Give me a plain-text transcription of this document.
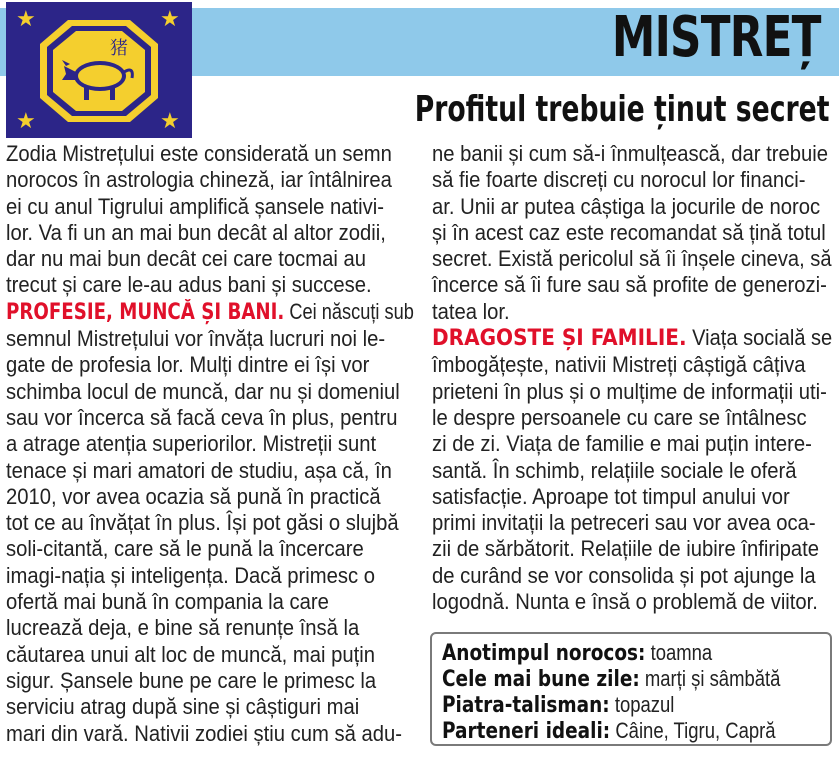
猪
★	★
★	★
MISTREȚ
Profitul trebuie ținut secret
Zodia Mistrețului este considerată un semn
norocos în astrologia chineză, iar întâlnirea
ei cu anul Tigrului amplifică șansele nativi-
lor. Va fi un an mai bun decât al altor zodii,
dar nu mai bun decât cei care tocmai au
trecut și care le-au adus bani și succese.
PROFESIE, MUNCĂ ȘI BANI. Cei născuți sub
semnul Mistrețului vor învăța lucruri noi le-
gate de profesia lor. Mulți dintre ei își vor
schimba locul de muncă, dar nu și domeniul
sau vor încerca să facă ceva în plus, pentru
a atrage atenția superiorilor. Mistreții sunt
tenace și mari amatori de studiu, așa că, în
2010, vor avea ocazia să pună în practică
tot ce au învățat în plus. Își pot găsi o slujbă
soli-citantă, care să le pună la încercare
imagi-nația și inteligența. Dacă primesc o
ofertă mai bună în compania la care
lucrează deja, e bine să renunțe însă la
căutarea unui alt loc de muncă, mai puțin
sigur. Șansele bune pe care le primesc la
serviciu atrag după sine și câștiguri mai
mari din vară. Nativii zodiei știu cum să adu-
ne banii și cum să-i înmulțească, dar trebuie
să fie foarte discreți cu norocul lor financi-
ar. Unii ar putea câștiga la jocurile de noroc
și în acest caz este recomandat să țină totul
secret. Există pericolul să îi înșele cineva, să
încerce să îi fure sau să profite de generozi-
tatea lor.
DRAGOSTE ȘI FAMILIE. Viața socială se
îmbogățește, nativii Mistreți câștigă câțiva
prieteni în plus și o mulțime de informații uti-
le despre persoanele cu care se întâlnesc
zi de zi. Viața de familie e mai puțin intere-
santă. În schimb, relațiile sociale le oferă
satisfacție. Aproape tot timpul anului vor
primi invitații la petreceri sau vor avea oca-
zii de sărbătorit. Relațiile de iubire înfiripate
de curând se vor consolida și pot ajunge la
logodnă. Nunta e însă o problemă de viitor.
Anotimpul norocos: toamna
Cele mai bune zile: marți și sâmbătă
Piatra-talisman: topazul
Parteneri ideali: Câine, Tigru, Capră
